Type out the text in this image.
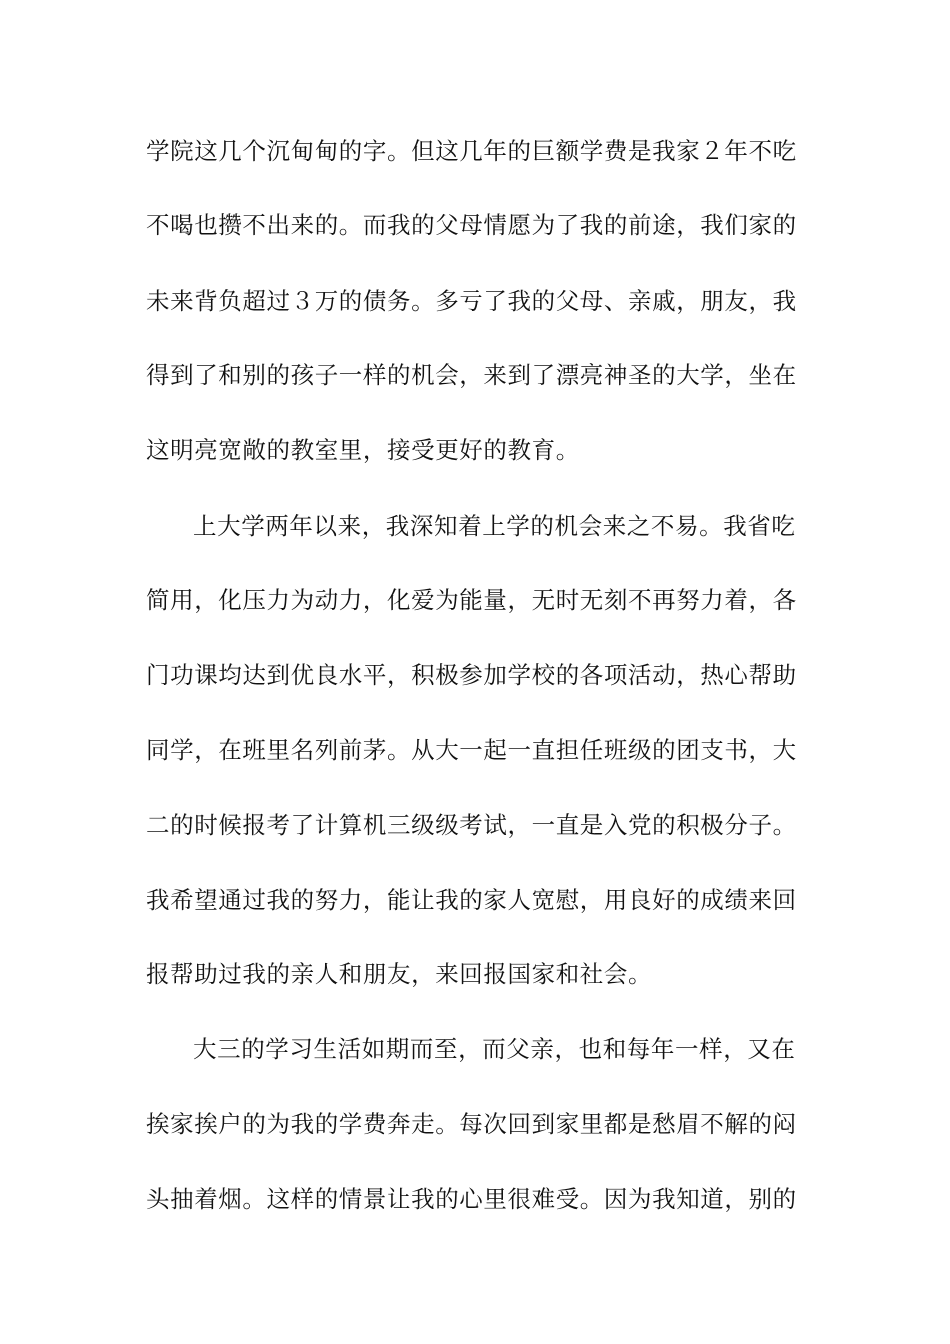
学院这几个沉甸甸的字。但这几年的巨额学费是我家２年不吃
不喝也攒不出来的。而我的父母情愿为了我的前途，我们家的
未来背负超过３万的债务。多亏了我的父母、亲戚，朋友，我
得到了和别的孩子一样的机会，来到了漂亮神圣的大学，坐在
这明亮宽敞的教室里，接受更好的教育。
上大学两年以来，我深知着上学的机会来之不易。我省吃
简用，化压力为动力，化爱为能量，无时无刻不再努力着，各
门功课均达到优良水平，积极参加学校的各项活动，热心帮助
同学，在班里名列前茅。从大一起一直担任班级的团支书，大
二的时候报考了计算机三级级考试，一直是入党的积极分子。
我希望通过我的努力，能让我的家人宽慰，用良好的成绩来回
报帮助过我的亲人和朋友，来回报国家和社会。
大三的学习生活如期而至，而父亲，也和每年一样，又在
挨家挨户的为我的学费奔走。每次回到家里都是愁眉不解的闷
头抽着烟。这样的情景让我的心里很难受。因为我知道，别的
